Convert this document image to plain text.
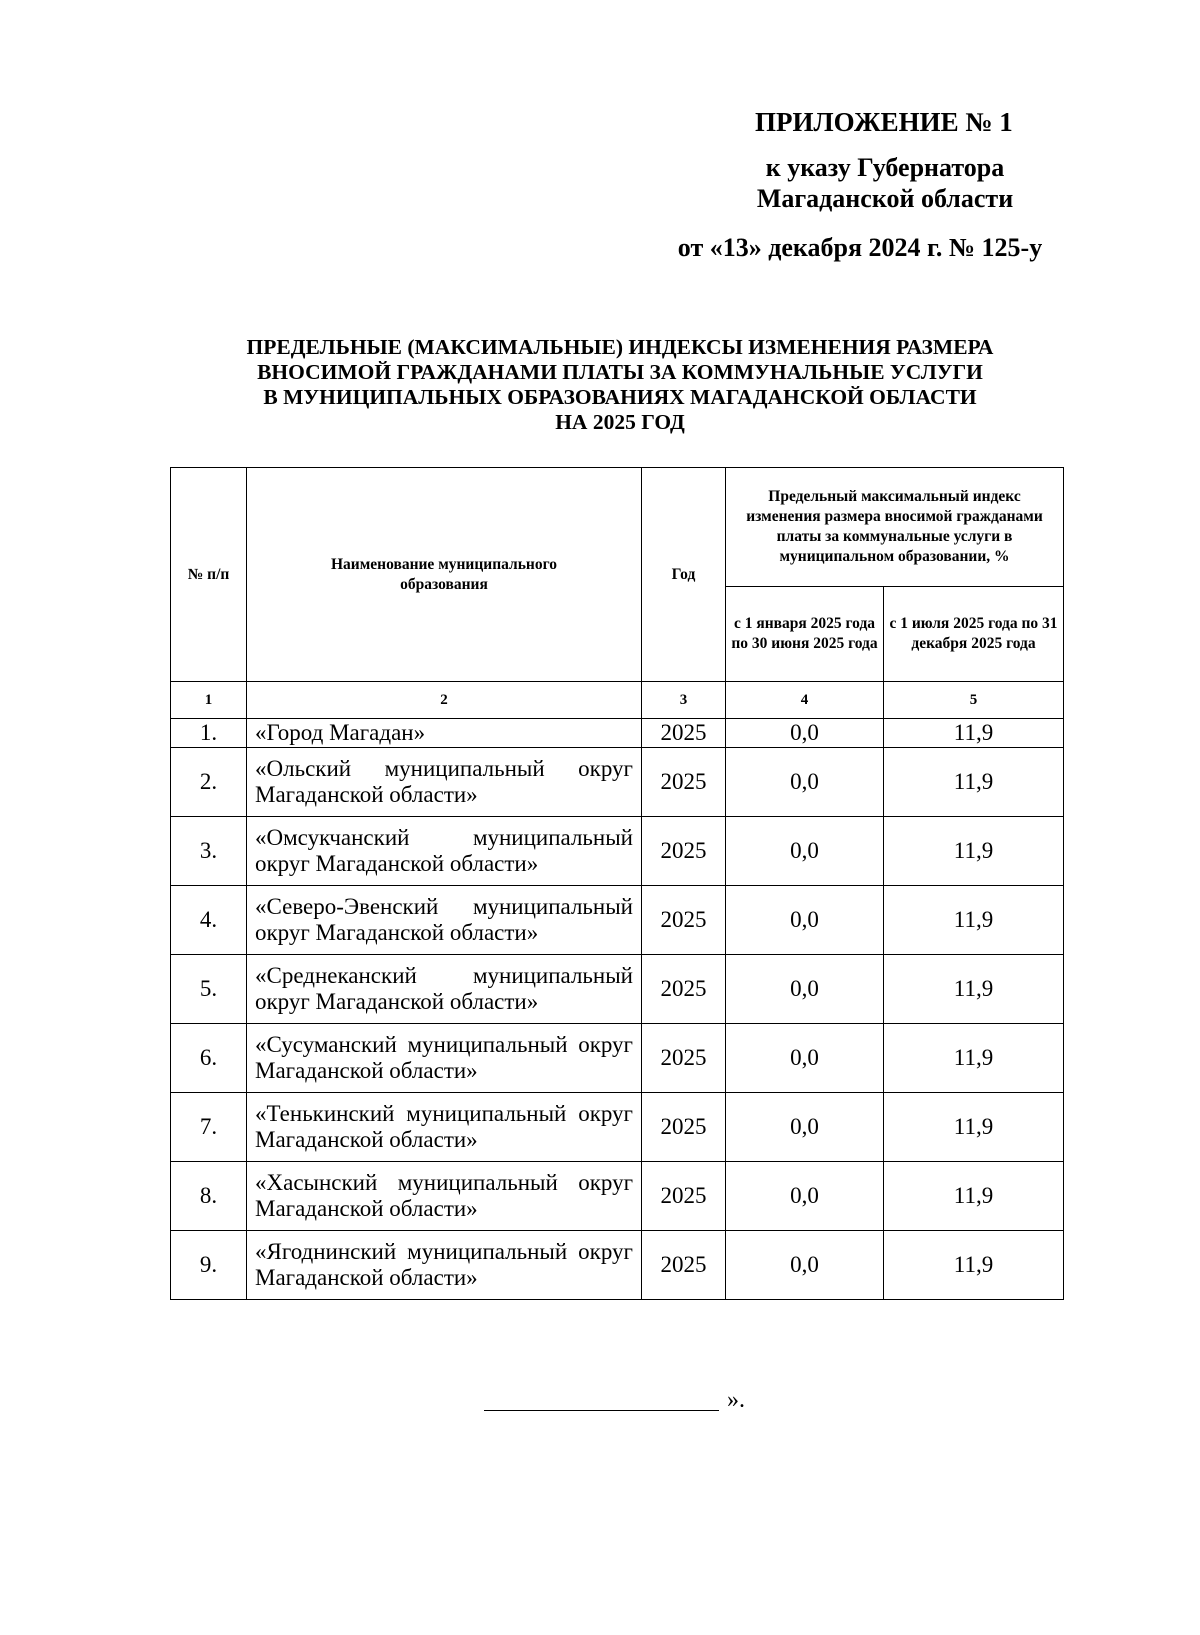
ПРИЛОЖЕНИЕ № 1
к указу Губернатора
Магаданской области
от «13» декабря 2024 г. № 125-у
ПРЕДЕЛЬНЫЕ (МАКСИМАЛЬНЫЕ) ИНДЕКСЫ ИЗМЕНЕНИЯ РАЗМЕРА
ВНОСИМОЙ ГРАЖДАНАМИ ПЛАТЫ ЗА КОММУНАЛЬНЫЕ УСЛУГИ
В МУНИЦИПАЛЬНЫХ ОБРАЗОВАНИЯХ МАГАДАНСКОЙ ОБЛАСТИ
НА 2025 ГОД
№ п/п	Наименование муниципального образования	Год	Предельный максимальный индекс изменения размера вносимой гражданами платы за коммунальные услуги в муниципальном образовании, %	
			с 1 января 2025 года по 30 июня 2025 года	с 1 июля 2025 года по 31 декабря 2025 года
1	2	3	4	5
1.	«Город Магадан»	2025	0,0	11,9
2.	«Ольский муниципальный округ Магаданской области»	2025	0,0	11,9
3.	«Омсукчанский муниципальный округ Магаданской области»	2025	0,0	11,9
4.	«Северо-Эвенский муниципальный округ Магаданской области»	2025	0,0	11,9
5.	«Среднеканский муниципальный округ Магаданской области»	2025	0,0	11,9
6.	«Сусуманский муниципальный округ Магаданской области»	2025	0,0	11,9
7.	«Тенькинский муниципальный округ Магаданской области»	2025	0,0	11,9
8.	«Хасынский муниципальный округ Магаданской области»	2025	0,0	11,9
9.	«Ягоднинский муниципальный округ Магаданской области»	2025	0,0	11,9
».
